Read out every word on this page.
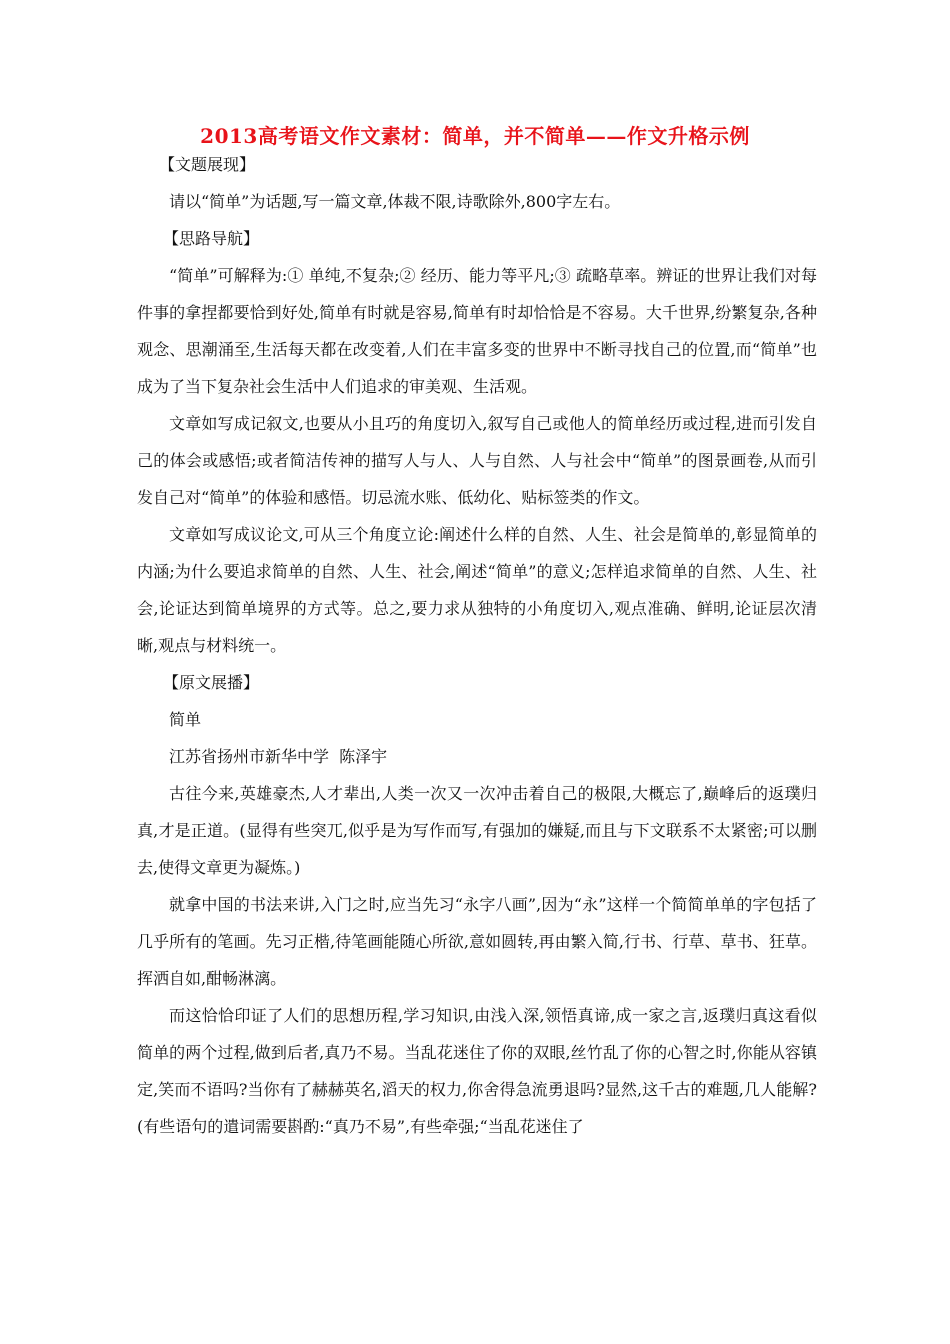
2013高考语文作文素材：简单，并不简单——作文升格示例

【文题展现】

请以“简单”为话题,写一篇文章,体裁不限,诗歌除外,800字左右。

【思路导航】

“简单”可解释为:① 单纯,不复杂;② 经历、能力等平凡;③ 疏略草率。辨证的世界让我们对每件事的拿捏都要恰到好处,简单有时就是容易,简单有时却恰恰是不容易。大千世界,纷繁复杂,各种观念、思潮涌至,生活每天都在改变着,人们在丰富多变的世界中不断寻找自己的位置,而“简单”也成为了当下复杂社会生活中人们追求的审美观、生活观。

文章如写成记叙文,也要从小且巧的角度切入,叙写自己或他人的简单经历或过程,进而引发自己的体会或感悟;或者简洁传神的描写人与人、人与自然、人与社会中“简单”的图景画卷,从而引发自己对“简单”的体验和感悟。切忌流水账、低幼化、贴标签类的作文。

文章如写成议论文,可从三个角度立论:阐述什么样的自然、人生、社会是简单的,彰显简单的内涵;为什么要追求简单的自然、人生、社会,阐述“简单”的意义;怎样追求简单的自然、人生、社会,论证达到简单境界的方式等。总之,要力求从独特的小角度切入,观点准确、鲜明,论证层次清晰,观点与材料统一。

【原文展播】

简单

江苏省扬州市新华中学  陈泽宇

古往今来,英雄豪杰,人才辈出,人类一次又一次冲击着自己的极限,大概忘了,巅峰后的返璞归真,才是正道。(显得有些突兀,似乎是为写作而写,有强加的嫌疑,而且与下文联系不太紧密;可以删去,使得文章更为凝炼。)

就拿中国的书法来讲,入门之时,应当先习“永字八画”,因为“永”这样一个简简单单的字包括了几乎所有的笔画。先习正楷,待笔画能随心所欲,意如圆转,再由繁入简,行书、行草、草书、狂草。挥洒自如,酣畅淋漓。

而这恰恰印证了人们的思想历程,学习知识,由浅入深,领悟真谛,成一家之言,返璞归真这看似简单的两个过程,做到后者,真乃不易。当乱花迷住了你的双眼,丝竹乱了你的心智之时,你能从容镇定,笑而不语吗?当你有了赫赫英名,滔天的权力,你舍得急流勇退吗?显然,这千古的难题,几人能解?(有些语句的遣词需要斟酌:“真乃不易”,有些牵强;“当乱花迷住了
